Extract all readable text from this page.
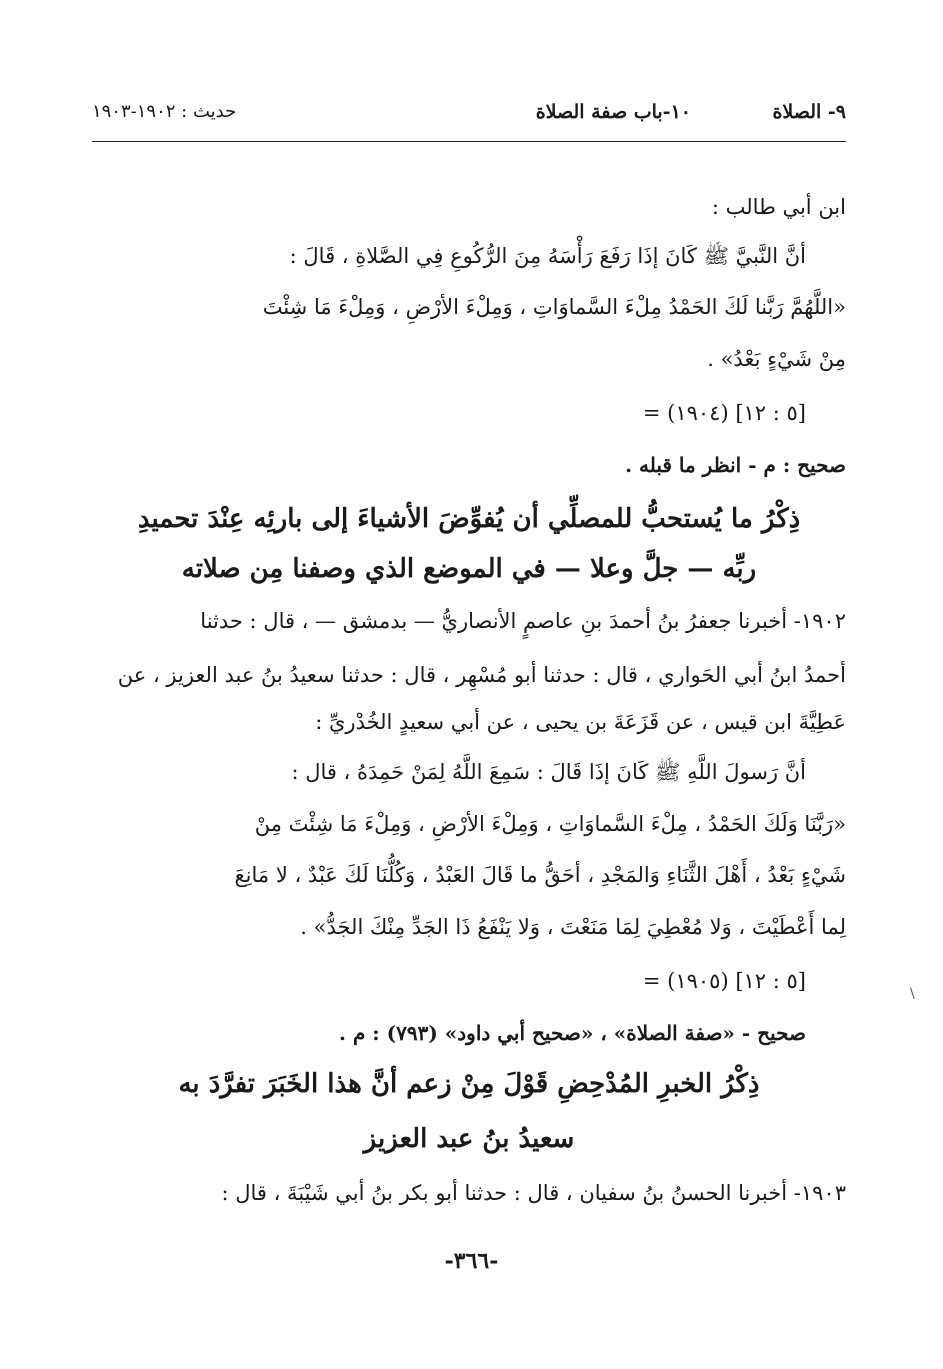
٩- الصلاة
١٠-باب صفة الصلاة
حديث : ١٩٠٢-١٩٠٣
ابن أبي طالب :
أنَّ النَّبيَّ ﷺ كَانَ إذَا رَفَعَ رَأْسَهُ مِنَ الرُّكُوعِ فِي الصَّلاةِ ، قَالَ :
«اللَّهُمَّ رَبَّنا لَكَ الحَمْدُ مِلْءَ السَّماوَاتِ ، وَمِلْءَ الأرْضِ ، وَمِلْءَ مَا شِئْتَ
مِنْ شَيْءٍ بَعْدُ» .
= (١٩٠٤) [٥ : ١٢]
صحيح : م - انظر ما قبله .
ذِكْرُ ما يُستحبُّ للمصلِّي أن يُفوِّضَ الأشياءَ إلى بارئِه عِنْدَ تحميدِ
ربِّه — جلَّ وعلا — في الموضع الذي وصفنا مِن صلاته
١٩٠٢- أخبرنا جعفرُ بنُ أحمدَ بنِ عاصمٍ الأنصاريُّ — بدمشق — ، قال : حدثنا
أحمدُ ابنُ أبي الحَواري ، قال : حدثنا أبو مُسْهِر ، قال : حدثنا سعيدُ بنُ عبد العزيز ، عن
عَطِيَّةَ ابن قيس ، عن قَزَعَةَ بن يحيى ، عن أبي سعيدٍ الخُدْريِّ :
أنَّ رَسولَ اللَّهِ ﷺ كَانَ إذَا قَالَ : سَمِعَ اللَّهُ لِمَنْ حَمِدَهُ ، قال :
«رَبَّنَا وَلَكَ الحَمْدُ ، مِلْءَ السَّماوَاتِ ، وَمِلْءَ الأرْضِ ، وَمِلْءَ مَا شِئْتَ مِنْ
شَيْءٍ بَعْدُ ، أَهْلَ الثَّنَاءِ وَالمَجْدِ ، أحَقُّ ما قَالَ العَبْدُ ، وَكُلُّنَا لَكَ عَبْدٌ ، لا مَانِعَ
لِما أَعْطَيْتَ ، وَلا مُعْطِيَ لِمَا مَنَعْتَ ، وَلا يَنْفَعُ ذَا الجَدِّ مِنْكَ الجَدُّ» .
= (١٩٠٥) [٥ : ١٢]
\
صحيح - «صفة الصلاة» ، «صحيح أبي داود» (٧٩٣) : م .
ذِكْرُ الخبرِ المُدْحِضِ قَوْلَ مِنْ زعم أنَّ هذا الخَبَرَ تفرَّدَ به
سعيدُ بنُ عبد العزيز
١٩٠٣- أخبرنا الحسنُ بنُ سفيان ، قال : حدثنا أبو بكر بنُ أبي شَيْبَةَ ، قال :
-٣٦٦-
